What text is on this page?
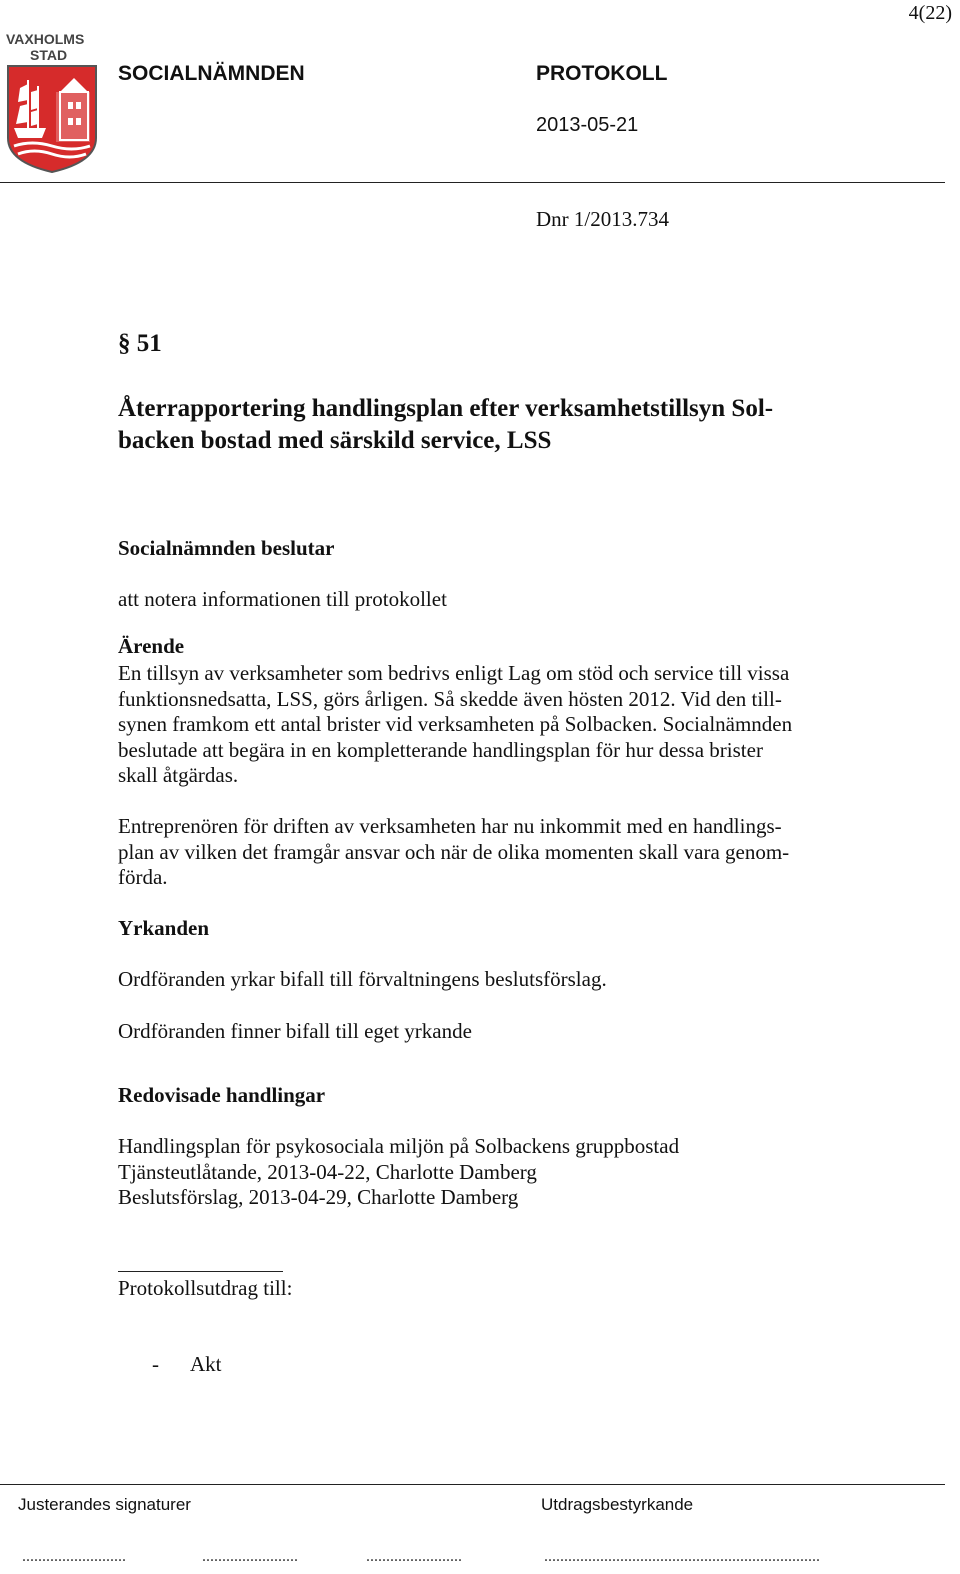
4(22)
VAXHOLMS
STAD
SOCIALNÄMNDEN	PROTOKOLL
2013-05-21
Dnr 1/2013.734
§ 51
Återrapportering handlingsplan efter verksamhetstillsyn Sol-
backen bostad med särskild service, LSS
Socialnämnden beslutar
att notera informationen till protokollet
Ärende
En tillsyn av verksamheter som bedrivs enligt Lag om stöd och service till vissa
funktionsnedsatta, LSS, görs årligen. Så skedde även hösten 2012. Vid den till-
synen framkom ett antal brister vid verksamheten på Solbacken. Socialnämnden
beslutade att begära in en kompletterande handlingsplan för hur dessa brister
skall åtgärdas.
Entreprenören för driften av verksamheten har nu inkommit med en handlings-
plan av vilken det framgår ansvar och när de olika momenten skall vara genom-
förda.
Yrkanden
Ordföranden yrkar bifall till förvaltningens beslutsförslag.
Ordföranden finner bifall till eget yrkande
Redovisade handlingar
Handlingsplan för psykosociala miljön på Solbackens gruppbostad
Tjänsteutlåtande, 2013-04-22, Charlotte Damberg
Beslutsförslag, 2013-04-29, Charlotte Damberg
Protokollsutdrag till:
- Akt
Justerandes signaturer	Utdragsbestyrkande
..........................	........................	........................	.....................................................................
